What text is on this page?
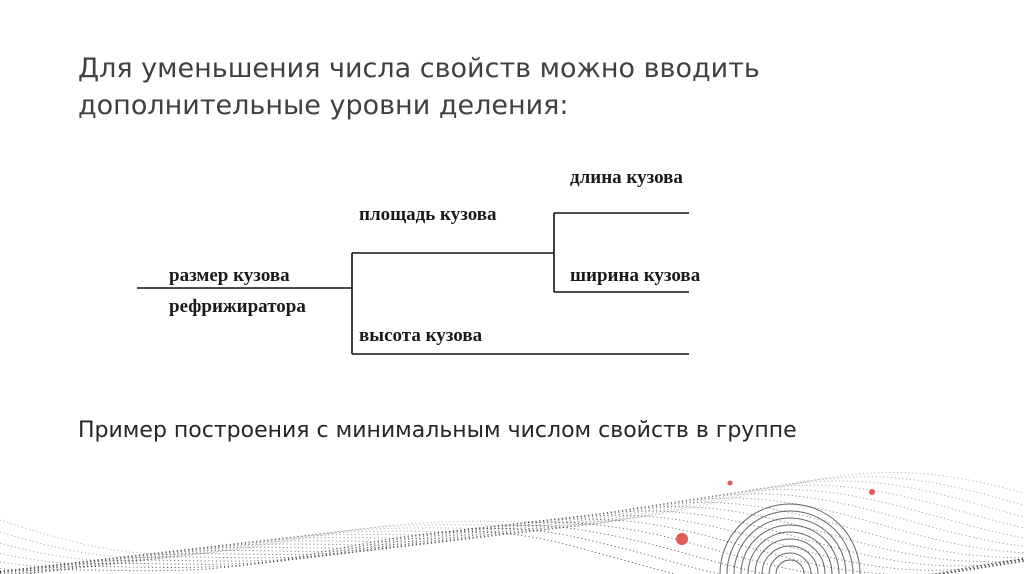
Для уменьшения числа свойств можно вводить дополнительные уровни деления:
размер кузова
рефрижиратора
площадь кузова
высота кузова
длина кузова
ширина кузова

Пример построения с минимальным числом свойств в группе
